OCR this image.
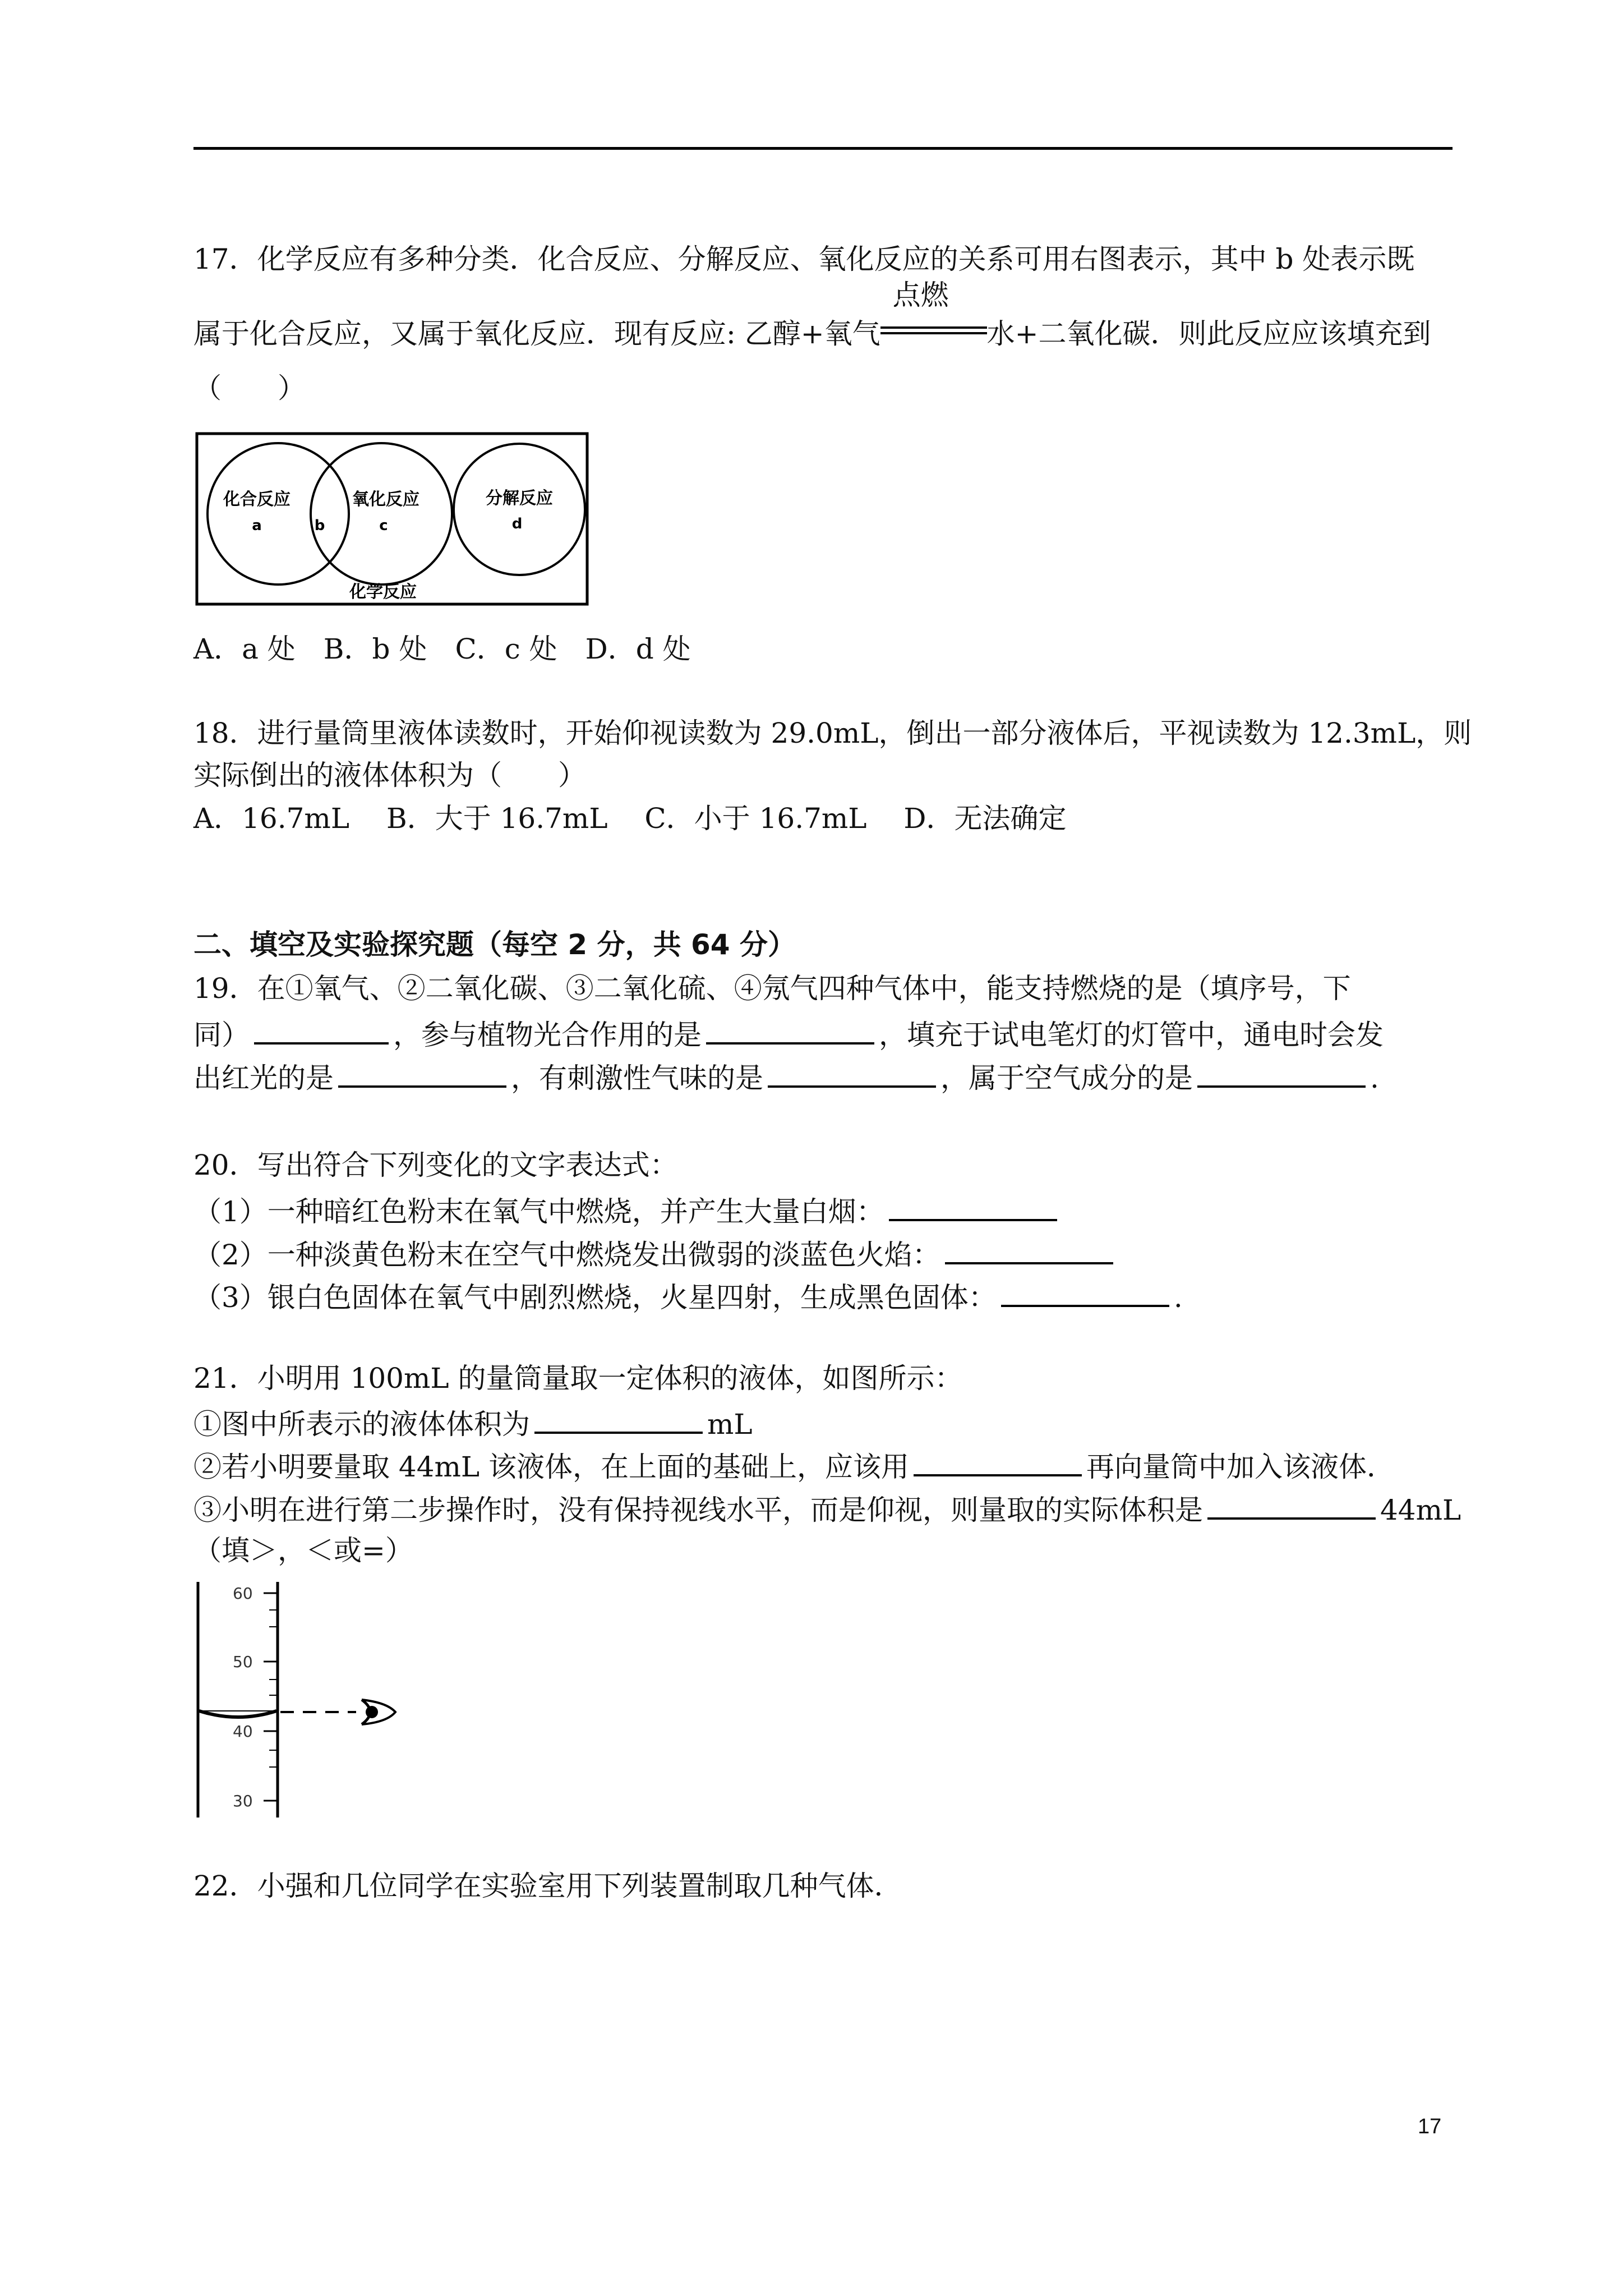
17．化学反应有多种分类．化合反应、分解反应、氧化反应的关系可用右图表示，其中 b 处表示既
属于化合反应，又属于氧化反应．现有反应: 乙醇+氧气
点燃
水+二氧化碳．则此反应应该填充到
（　　）
化合反应
a	b
氧化反应
c
分解反应
d
化学反应
A．a 处　B．b 处　C．c 处　D．d 处
18．进行量筒里液体读数时，开始仰视读数为 29.0mL，倒出一部分液体后，平视读数为 12.3mL，则
实际倒出的液体体积为（　　）
A．16.7mL　 B．大于 16.7mL　 C．小于 16.7mL　 D．无法确定
二、填空及实验探究题（每空 2 分，共 64 分）
19．在①氧气、②二氧化碳、③二氧化硫、④氖气四种气体中，能支持燃烧的是（填序号，下
同）	，参与植物光合作用的是	，填充于试电笔灯的灯管中，通电时会发
出红光的是	，有刺激性气味的是	，属于空气成分的是	.
20．写出符合下列变化的文字表达式：
（1）一种暗红色粉末在氧气中燃烧，并产生大量白烟：
（2）一种淡黄色粉末在空气中燃烧发出微弱的淡蓝色火焰：
（3）银白色固体在氧气中剧烈燃烧，火星四射，生成黑色固体：	.
21．小明用 100mL 的量筒量取一定体积的液体，如图所示：
①图中所表示的液体体积为	mL
②若小明要量取 44mL 该液体，在上面的基础上，应该用	再向量筒中加入该液体．
③小明在进行第二步操作时，没有保持视线水平，而是仰视，则量取的实际体积是	44mL
（填＞，＜或=）
60
50
40
30
22．小强和几位同学在实验室用下列装置制取几种气体．
17
